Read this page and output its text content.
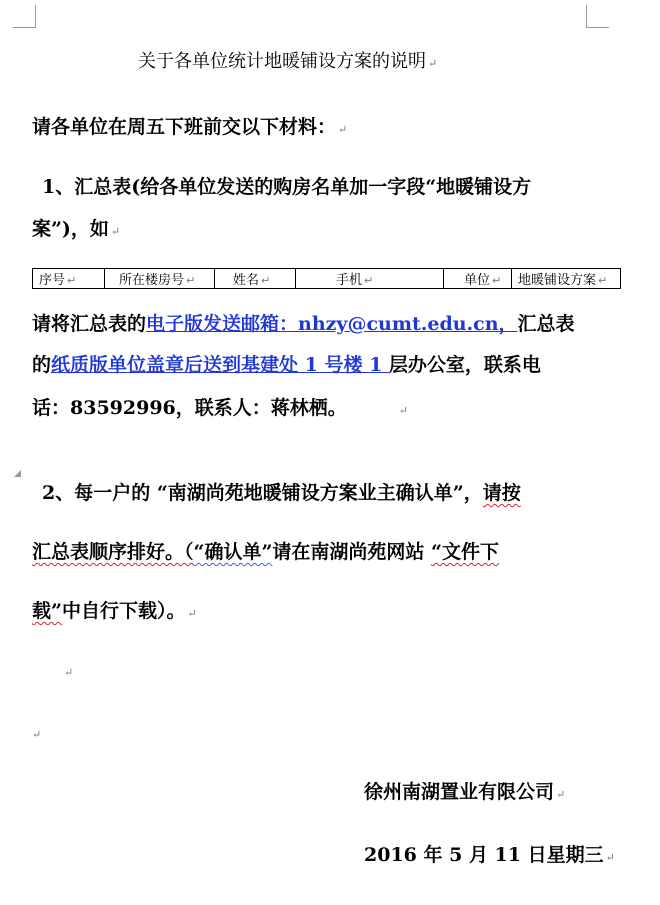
关于各单位统计地暖铺设方案的说明 ↵
请各单位在周五下班前交以下材料： ↵
1、汇总表(给各单位发送的购房名单加一字段“地暖铺设方
案”)，如 ↵
序号 ↵	所在楼房号 ↵	姓名 ↵	手机 ↵	单位 ↵	地暖铺设方案 ↵
请将汇总表的电子版发送邮箱：nhzy@cumt.edu.cn，汇总表
的纸质版单位盖章后送到基建处 1 号楼 1 层办公室，联系电
话：83592996，联系人：蒋林栖。	↵
2、每一户的 “南湖尚苑地暖铺设方案业主确认单”，请按
汇总表顺序排好。（“确认单”请在南湖尚苑网站 “文件下
载”中自行下载）。 ↵
↵
↵
徐州南湖置业有限公司 ↵
2016 年 5 月 11 日星期三 ↵
